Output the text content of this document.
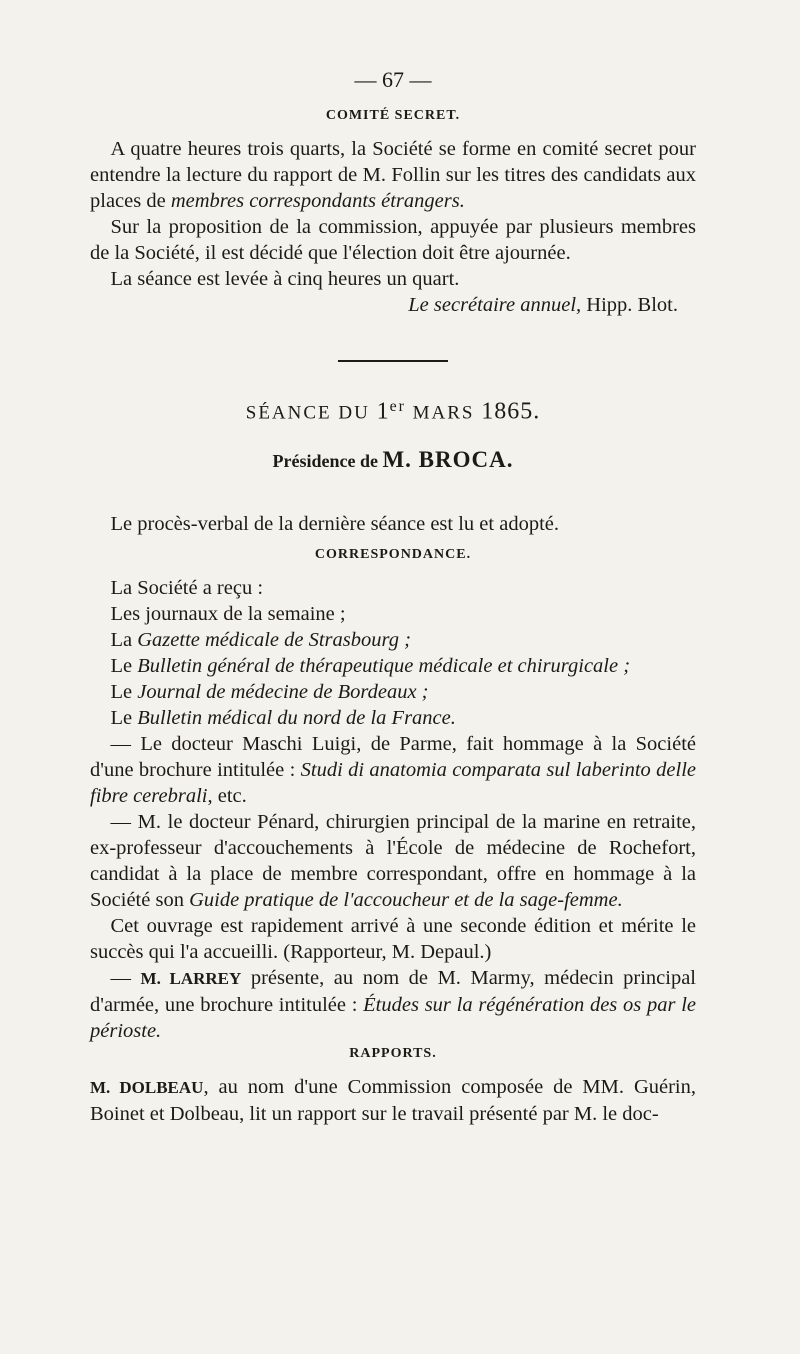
— 67 —
COMITÉ SECRET.

 A quatre heures trois quarts, la Société se forme en comité secret pour entendre la lecture du rapport de M. Follin sur les titres des candidats aux places de membres correspondants étrangers.

 Sur la proposition de la commission, appuyée par plusieurs membres de la Société, il est décidé que l'élection doit être ajournée.

 La séance est levée à cinq heures un quart.

Le secrétaire annuel, Hipp. Blot.

SÉANCE DU 1er MARS 1865.
Présidence de M. BROCA.

 Le procès-verbal de la dernière séance est lu et adopté.

CORRESPONDANCE.

 La Société a reçu :

 Les journaux de la semaine ;

 La Gazette médicale de Strasbourg ;

 Le Bulletin général de thérapeutique médicale et chirurgicale ;

 Le Journal de médecine de Bordeaux ;

 Le Bulletin médical du nord de la France.

 — Le docteur Maschi Luigi, de Parme, fait hommage à la Société d'une brochure intitulée : Studi di anatomia comparata sul laberinto delle fibre cerebrali, etc.

 — M. le docteur Pénard, chirurgien principal de la marine en retraite, ex-professeur d'accouchements à l'École de médecine de Rochefort, candidat à la place de membre correspondant, offre en hommage à la Société son Guide pratique de l'accoucheur et de la sage-femme.

 Cet ouvrage est rapidement arrivé à une seconde édition et mérite le succès qui l'a accueilli. (Rapporteur, M. Depaul.)

 — M. LARREY présente, au nom de M. Marmy, médecin principal d'armée, une brochure intitulée : Études sur la régénération des os par le périoste.

RAPPORTS.

M. DOLBEAU, au nom d'une Commission composée de MM. Guérin, Boinet et Dolbeau, lit un rapport sur le travail présenté par M. le doc-
